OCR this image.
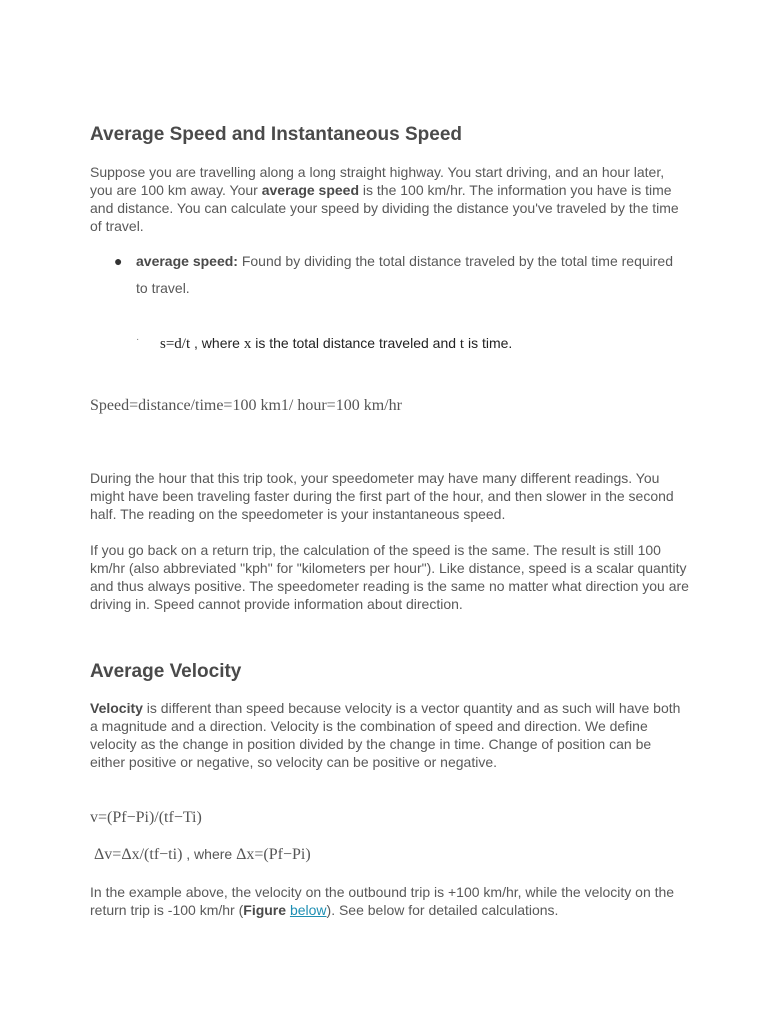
Average Speed and Instantaneous Speed

Suppose you are travelling along a long straight highway. You start driving, and an hour later, you are 100 km away. Your average speed is the 100 km/hr. The information you have is time and distance. You can calculate your speed by dividing the distance you've traveled by the time of travel.

● average speed: Found by dividing the total distance traveled by the total time required to travel.
· s=d/t , where x is the total distance traveled and t is time.
Speed=distance/time=100 km1/ hour=100 km/hr

During the hour that this trip took, your speedometer may have many different readings. You might have been traveling faster during the first part of the hour, and then slower in the second half. The reading on the speedometer is your instantaneous speed.

If you go back on a return trip, the calculation of the speed is the same. The result is still 100 km/hr (also abbreviated "kph" for "kilometers per hour"). Like distance, speed is a scalar quantity and thus always positive. The speedometer reading is the same no matter what direction you are driving in. Speed cannot provide information about direction.

Average Velocity

Velocity is different than speed because velocity is a vector quantity and as such will have both a magnitude and a direction. Velocity is the combination of speed and direction. We define velocity as the change in position divided by the change in time. Change of position can be either positive or negative, so velocity can be positive or negative.

v=(Pf−Pi)/(tf−Ti)
Δv=Δx/(tf−ti) , where Δx=(Pf−Pi)

In the example above, the velocity on the outbound trip is +100 km/hr, while the velocity on the return trip is -100 km/hr (Figure below). See below for detailed calculations.
